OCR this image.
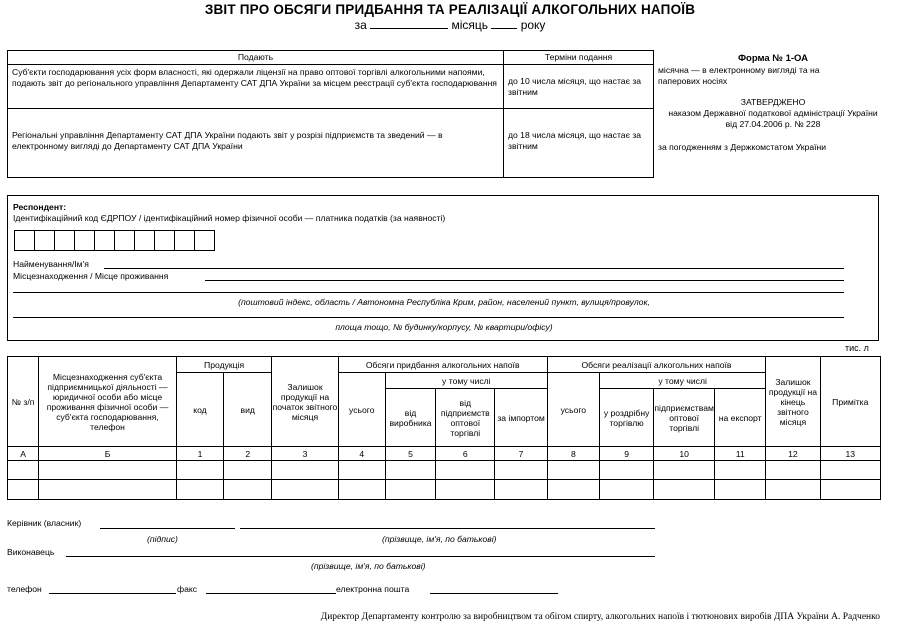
ЗВІТ ПРО ОБСЯГИ ПРИДБАННЯ ТА РЕАЛІЗАЦІЇ АЛКОГОЛЬНИХ НАПОЇВ
за	місяць	року
Подають	Терміни подання
Суб'єкти господарювання усіх форм власності, які одержали ліцензії на право оптової торгівлі алкогольними напоями, подають звіт до регіонального управління Департаменту САТ ДПА України за місцем реєстрації суб'єкта господарювання	до 10 числа місяця, що настає за звітним
Регіональні управління Департаменту САТ ДПА України подають звіт у розрізі підприємств та зведений — в електронному вигляді до Департаменту САТ ДПА України	до 18 числа місяця, що настає за звітним
Форма № 1-ОА
місячна — в електронному вигляді та на паперових носіях
ЗАТВЕРДЖЕНО
наказом Державної податкової адміністрації України
від 27.04.2006 р. № 228
за погодженням з Держкомстатом України
Респондент:
Ідентифікаційний код ЄДРПОУ / ідентифікаційний номер фізичної особи — платника податків (за наявності)
Найменування/Ім'я
Місцезнаходження / Місце проживання
(поштовий індекс, область / Автономна Республіка Крим, район, населений пункт, вулиця/провулок,
площа тощо, № будинку/корпусу, № квартири/офісу)
тис. л
№ з/п	Місцезнаходження суб'єкта підприємницької діяльності — юридичної особи або місце проживання фізичної особи — суб'єкта господарювання, телефон	Продукція		Залишок продукції на початок звітного місяця	Обсяги придбання алкогольних напоїв				Обсяги реалізації алкогольних напоїв				Залишок продукції на кінець звітного місяця	Примітка
		код	вид		усього	у тому числі			усього	у тому числі				
						від виробника	від підприємств оптової торгівлі	за імпортом		у роздрібну торгівлю	підприємствам оптової торгівлі	на експорт		
А	Б	1	2	3	4	5	6	7	8	9	10	11	12	13

Керівник (власник)
(підпис)	(прізвище, ім'я, по батькові)
Виконавець
(прізвище, ім'я, по батькові)
телефон	факс	електронна пошта
Директор Департаменту контролю за виробництвом та обігом спирту, алкогольних напоїв і тютюнових виробів ДПА України А. Радченко
